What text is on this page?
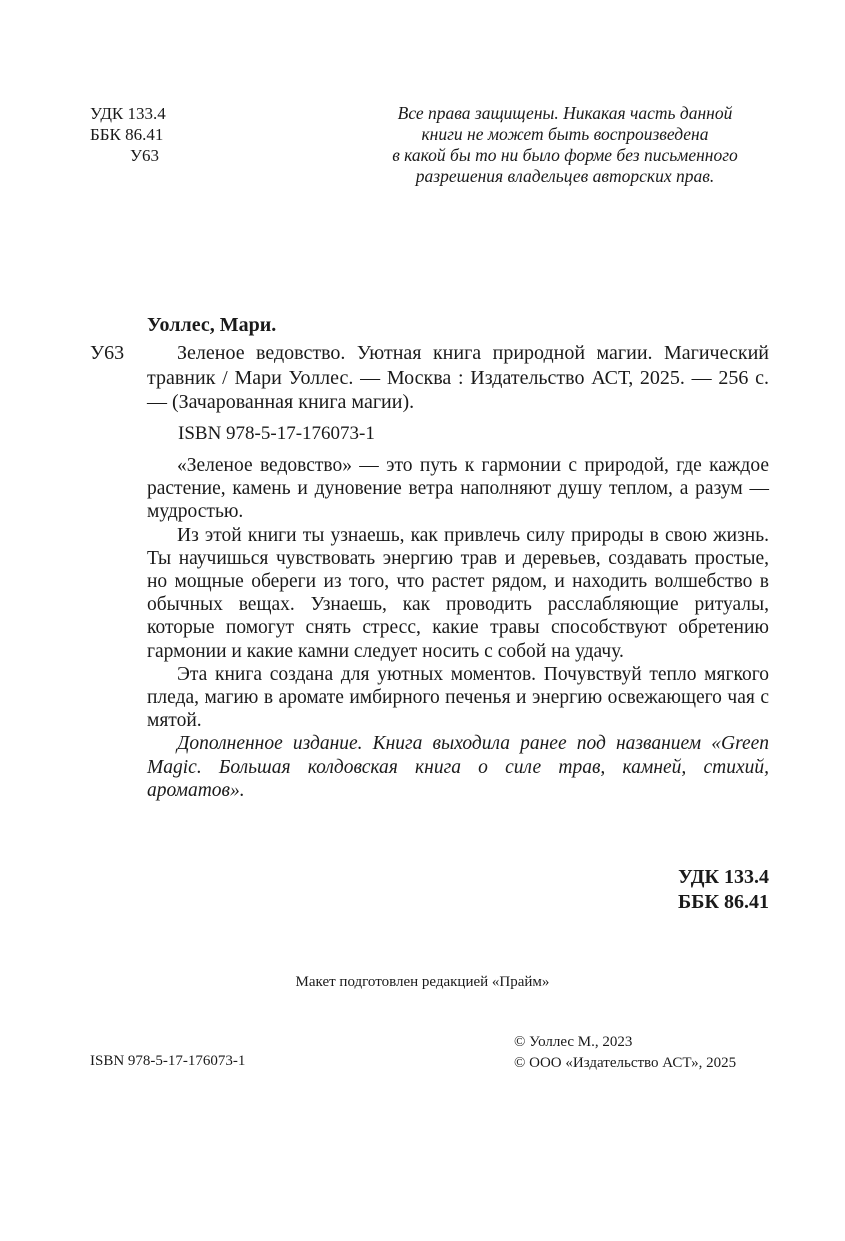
УДК 133.4
ББК 86.41
У63
Все права защищены. Никакая часть данной
книги не может быть воспроизведена
в какой бы то ни было форме без письменного
разрешения владельцев авторских прав.
Уоллес, Мари.
У63	Зеленое ведовство. Уютная книга природной магии. Магический травник / Мари Уоллес. — Москва : Издательство АСТ, 2025. — 256 с. — (Зачарованная книга магии).
ISBN 978-5-17-176073-1

«Зеленое ведовство» — это путь к гармонии с природой, где каждое растение, камень и дуновение ветра наполняют душу теплом, а разум — мудростью.

Из этой книги ты узнаешь, как привлечь силу природы в свою жизнь. Ты научишься чувствовать энергию трав и деревьев, создавать простые, но мощные обереги из того, что растет рядом, и находить волшебство в обычных вещах. Узнаешь, как проводить расслабляющие ритуалы, которые помогут снять стресс, какие травы способствуют обретению гармонии и какие камни следует носить с собой на удачу.

Эта книга создана для уютных моментов. Почувствуй тепло мягкого пледа, магию в аромате имбирного печенья и энергию освежающего чая с мятой.

Дополненное издание. Книга выходила ранее под названием «Green Magic. Большая колдовская книга о силе трав, камней, стихий, ароматов».

УДК 133.4
ББК 86.41
Макет подготовлен редакцией «Прайм»
© Уоллес М., 2023
© ООО «Издательство АСТ», 2025
ISBN 978-5-17-176073-1
